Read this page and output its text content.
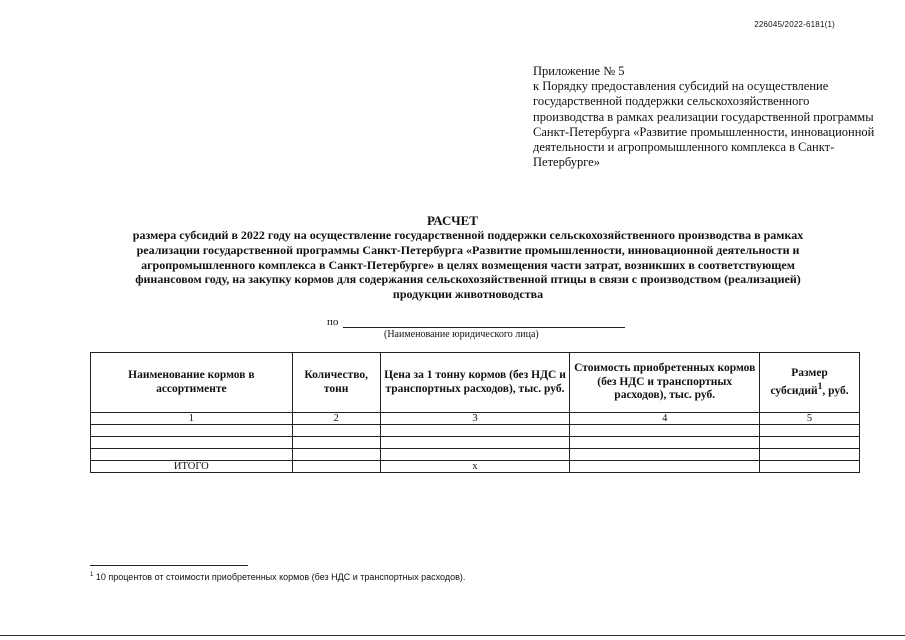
226045/2022-6181(1)
Приложение № 5
к Порядку предоставления субсидий на осуществление государственной поддержки сельскохозяйственного производства в рамках реализации государственной программы Санкт-Петербурга «Развитие промышленности, инновационной деятельности и агропромышленного комплекса в Санкт-Петербурге»
РАСЧЕТ
размера субсидий в 2022 году на осуществление государственной поддержки сельскохозяйственного производства в рамках реализации государственной программы Санкт-Петербурга «Развитие промышленности, инновационной деятельности и агропромышленного комплекса в Санкт-Петербурге» в целях возмещения части затрат, возникших в соответствующем финансовом году, на закупку кормов для содержания сельскохозяйственной птицы в связи с производством (реализацией) продукции животноводства
по
(Наименование юридического лица)
Наименование кормов в ассортименте	Количество, тонн	Цена за 1 тонну кормов (без НДС и транспортных расходов), тыс. руб.	Стоимость приобретенных кормов (без НДС и транспортных расходов), тыс. руб.	Размер субсидий$^1$, руб.
1	2	3	4	5

ИТОГО		x		
$^1$ 10 процентов от стоимости приобретенных кормов (без НДС и транспортных расходов).
